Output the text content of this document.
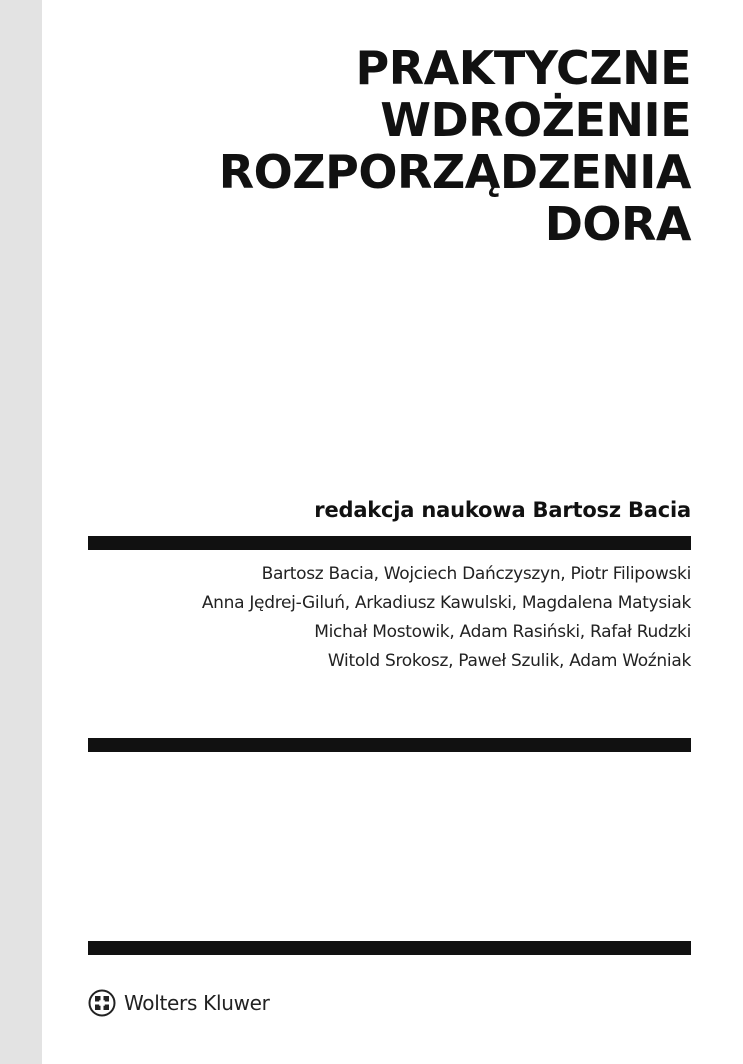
PRAKTYCZNE
WDROŻENIE
ROZPORZĄDZENIA
DORA
redakcja naukowa Bartosz Bacia
Bartosz Bacia, Wojciech Dańczyszyn, Piotr Filipowski
Anna Jędrej-Giluń, Arkadiusz Kawulski, Magdalena Matysiak
Michał Mostowik, Adam Rasiński, Rafał Rudzki
Witold Srokosz, Paweł Szulik, Adam Woźniak
Wolters Kluwer
